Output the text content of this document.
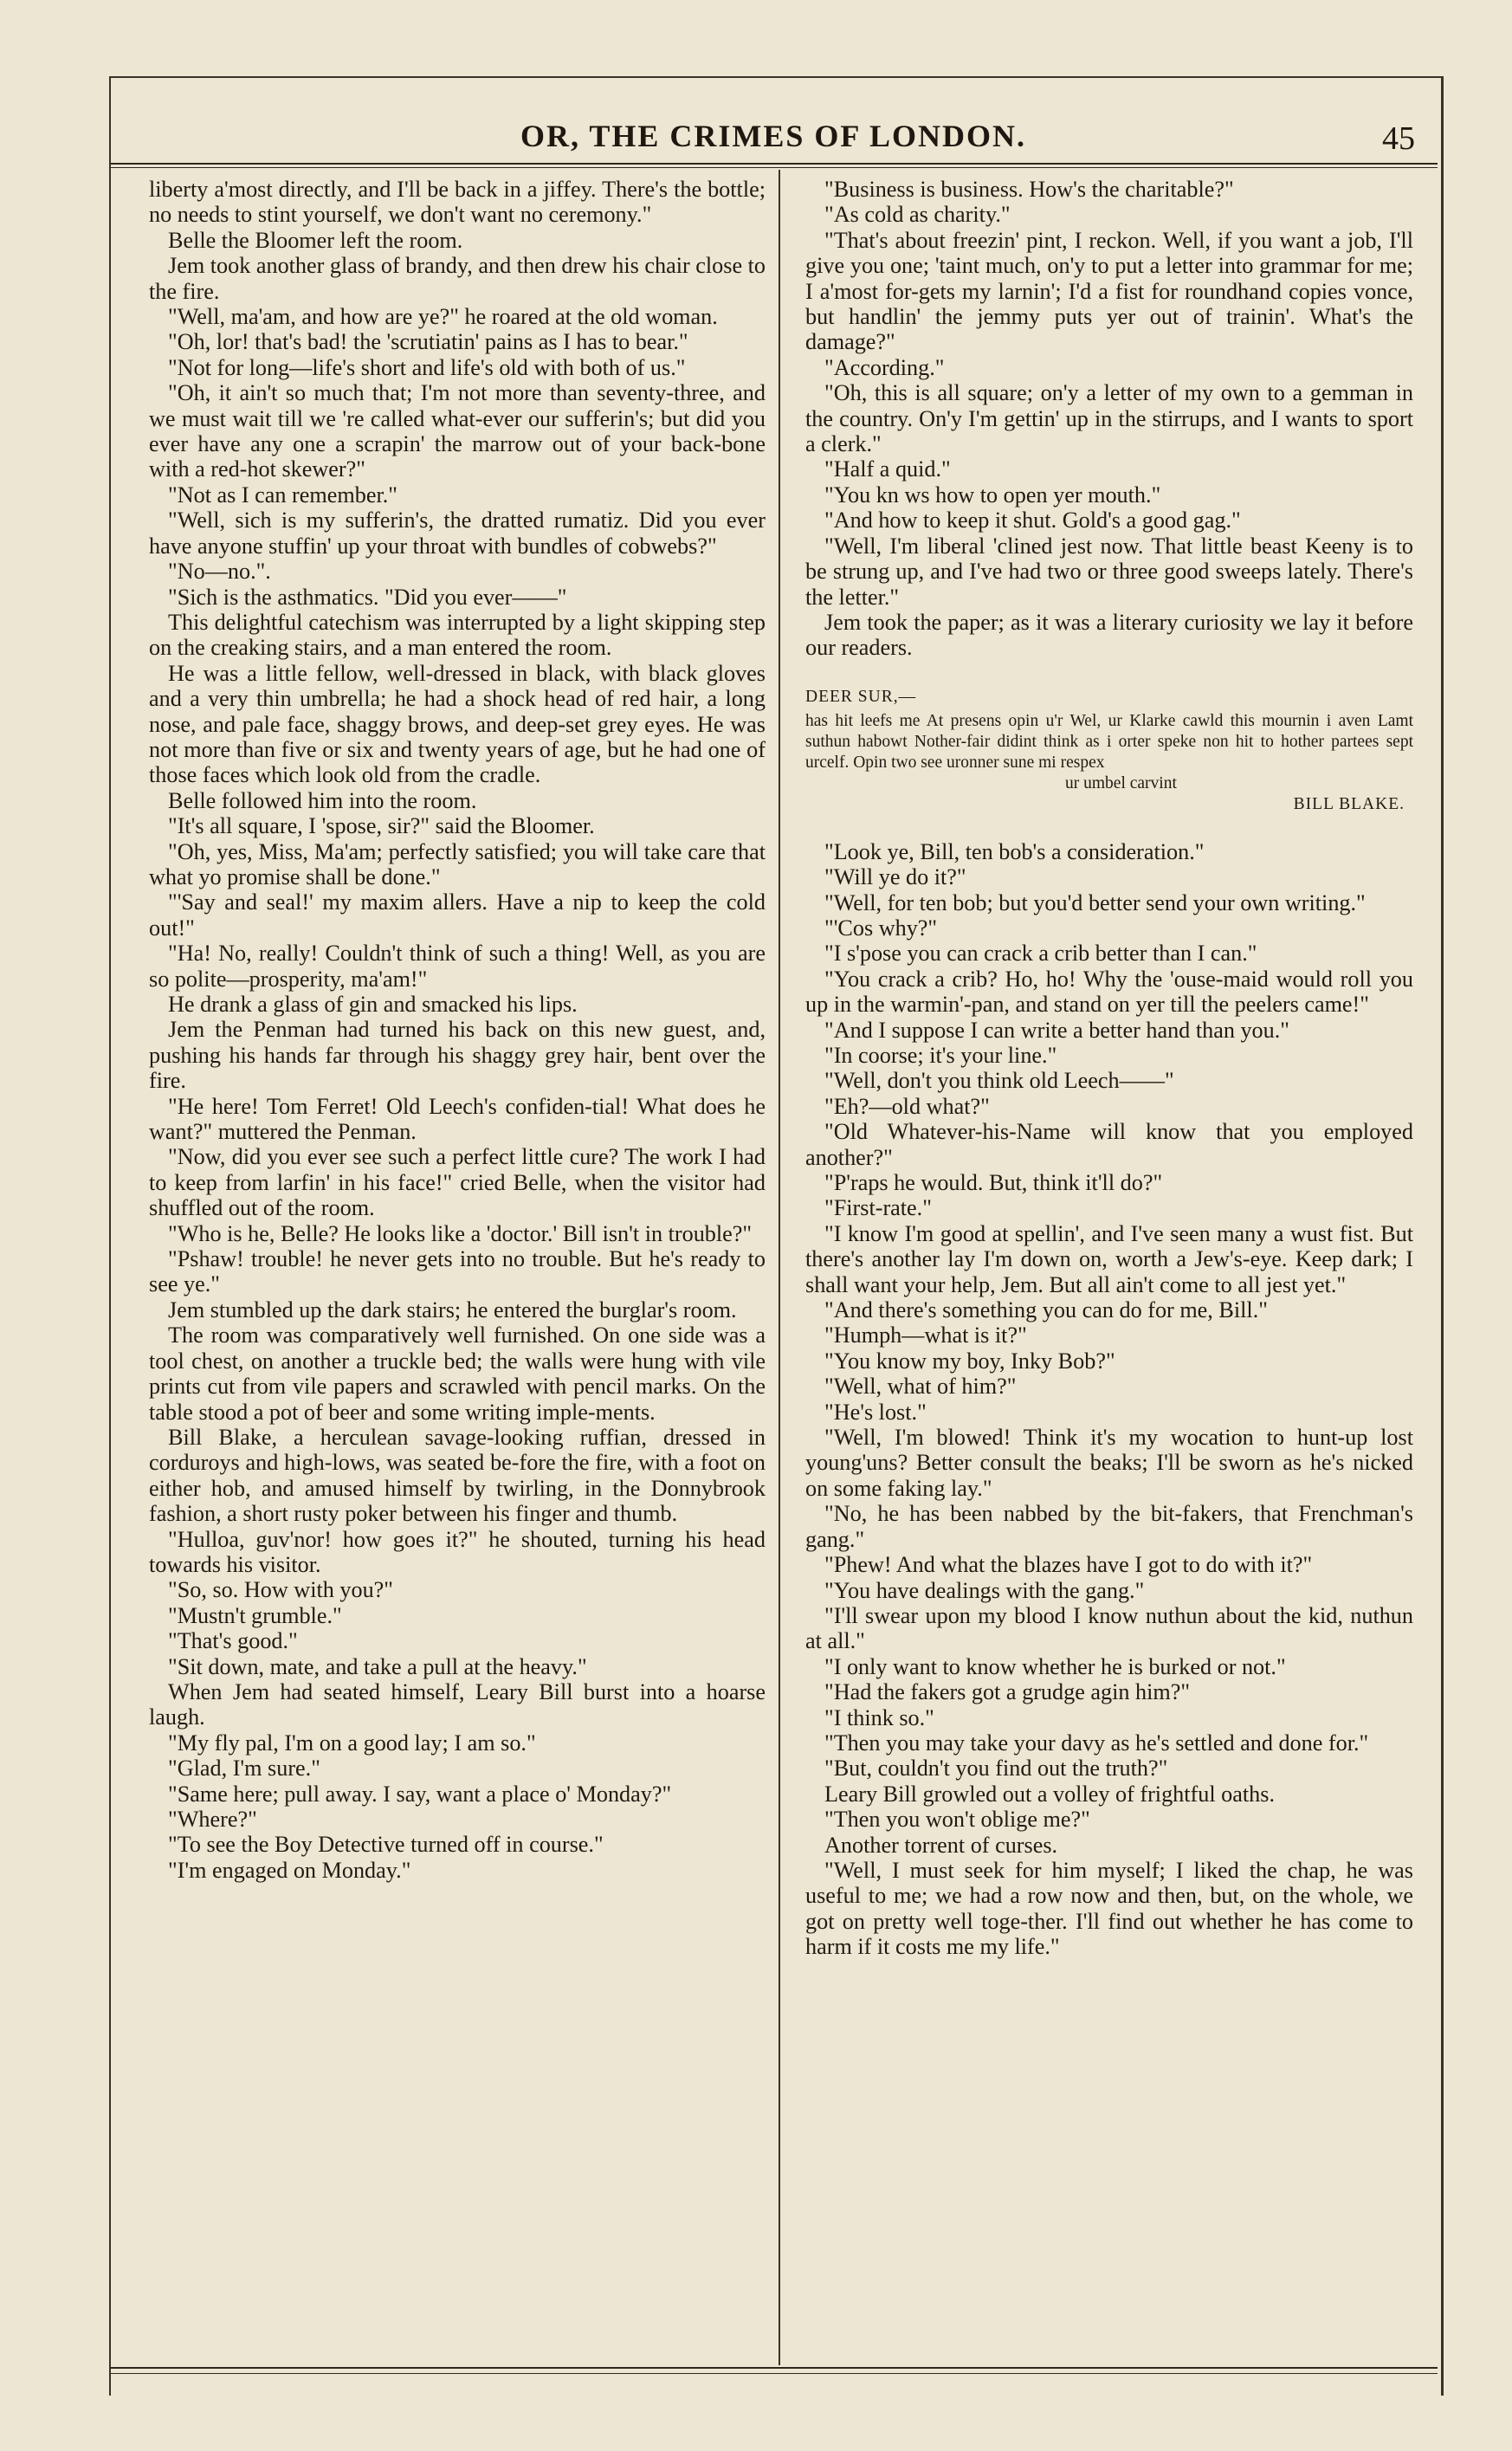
OR, THE CRIMES OF LONDON.	45

liberty a'most directly, and I'll be back in a jiffey. There's the bottle; no needs to stint yourself, we don't want no ceremony."

Belle the Bloomer left the room.

Jem took another glass of brandy, and then drew his chair close to the fire.

"Well, ma'am, and how are ye?" he roared at the old woman.

"Oh, lor! that's bad! the 'scrutiatin' pains as I has to bear."

"Not for long—life's short and life's old with both of us."

"Oh, it ain't so much that; I'm not more than seventy-three, and we must wait till we 're called what-ever our sufferin's; but did you ever have any one a scrapin' the marrow out of your back-bone with a red-hot skewer?"

"Not as I can remember."

"Well, sich is my sufferin's, the dratted rumatiz. Did you ever have anyone stuffin' up your throat with bundles of cobwebs?"

"No—no.".

"Sich is the asthmatics. "Did you ever——"

This delightful catechism was interrupted by a light skipping step on the creaking stairs, and a man entered the room.

He was a little fellow, well-dressed in black, with black gloves and a very thin umbrella; he had a shock head of red hair, a long nose, and pale face, shaggy brows, and deep-set grey eyes. He was not more than five or six and twenty years of age, but he had one of those faces which look old from the cradle.

Belle followed him into the room.

"It's all square, I 'spose, sir?" said the Bloomer.

"Oh, yes, Miss, Ma'am; perfectly satisfied; you will take care that what yo promise shall be done."

"'Say and seal!' my maxim allers. Have a nip to keep the cold out!"

"Ha! No, really! Couldn't think of such a thing! Well, as you are so polite—prosperity, ma'am!"

He drank a glass of gin and smacked his lips.

Jem the Penman had turned his back on this new guest, and, pushing his hands far through his shaggy grey hair, bent over the fire.

"He here! Tom Ferret! Old Leech's confiden-tial! What does he want?" muttered the Penman.

"Now, did you ever see such a perfect little cure? The work I had to keep from larfin' in his face!" cried Belle, when the visitor had shuffled out of the room.

"Who is he, Belle? He looks like a 'doctor.' Bill isn't in trouble?"

"Pshaw! trouble! he never gets into no trouble. But he's ready to see ye."

Jem stumbled up the dark stairs; he entered the burglar's room.

The room was comparatively well furnished. On one side was a tool chest, on another a truckle bed; the walls were hung with vile prints cut from vile papers and scrawled with pencil marks. On the table stood a pot of beer and some writing imple-ments.

Bill Blake, a herculean savage-looking ruffian, dressed in corduroys and high-lows, was seated be-fore the fire, with a foot on either hob, and amused himself by twirling, in the Donnybrook fashion, a short rusty poker between his finger and thumb.

"Hulloa, guv'nor! how goes it?" he shouted, turning his head towards his visitor.

"So, so. How with you?"

"Mustn't grumble."

"That's good."

"Sit down, mate, and take a pull at the heavy."

When Jem had seated himself, Leary Bill burst into a hoarse laugh.

"My fly pal, I'm on a good lay; I am so."

"Glad, I'm sure."

"Same here; pull away. I say, want a place o' Monday?"

"Where?"

"To see the Boy Detective turned off in course."

"I'm engaged on Monday."

"Business is business. How's the charitable?"

"As cold as charity."

"That's about freezin' pint, I reckon. Well, if you want a job, I'll give you one; 'taint much, on'y to put a letter into grammar for me; I a'most for-gets my larnin'; I'd a fist for roundhand copies vonce, but handlin' the jemmy puts yer out of trainin'. What's the damage?"

"According."

"Oh, this is all square; on'y a letter of my own to a gemman in the country. On'y I'm gettin' up in the stirrups, and I wants to sport a clerk."

"Half a quid."

"You kn ws how to open yer mouth."

"And how to keep it shut. Gold's a good gag."

"Well, I'm liberal 'clined jest now. That little beast Keeny is to be strung up, and I've had two or three good sweeps lately. There's the letter."

Jem took the paper; as it was a literary curiosity we lay it before our readers.

DEER SUR,—

has hit leefs me At presens opin u'r Wel, ur Klarke cawld this mournin i aven Lamt suthun habowt Nother-fair didint think as i orter speke non hit to hother partees sept urcelf. Opin two see uronner sune mi respex

ur umbel carvint

BILL BLAKE.

"Look ye, Bill, ten bob's a consideration."

"Will ye do it?"

"Well, for ten bob; but you'd better send your own writing."

"'Cos why?"

"I s'pose you can crack a crib better than I can."

"You crack a crib? Ho, ho! Why the 'ouse-maid would roll you up in the warmin'-pan, and stand on yer till the peelers came!"

"And I suppose I can write a better hand than you."

"In coorse; it's your line."

"Well, don't you think old Leech——"

"Eh?—old what?"

"Old Whatever-his-Name will know that you employed another?"

"P'raps he would. But, think it'll do?"

"First-rate."

"I know I'm good at spellin', and I've seen many a wust fist. But there's another lay I'm down on, worth a Jew's-eye. Keep dark; I shall want your help, Jem. But all ain't come to all jest yet."

"And there's something you can do for me, Bill."

"Humph—what is it?"

"You know my boy, Inky Bob?"

"Well, what of him?"

"He's lost."

"Well, I'm blowed! Think it's my wocation to hunt-up lost young'uns? Better consult the beaks; I'll be sworn as he's nicked on some faking lay."

"No, he has been nabbed by the bit-fakers, that Frenchman's gang."

"Phew! And what the blazes have I got to do with it?"

"You have dealings with the gang."

"I'll swear upon my blood I know nuthun about the kid, nuthun at all."

"I only want to know whether he is burked or not."

"Had the fakers got a grudge agin him?"

"I think so."

"Then you may take your davy as he's settled and done for."

"But, couldn't you find out the truth?"

Leary Bill growled out a volley of frightful oaths.

"Then you won't oblige me?"

Another torrent of curses.

"Well, I must seek for him myself; I liked the chap, he was useful to me; we had a row now and then, but, on the whole, we got on pretty well toge-ther. I'll find out whether he has come to harm if it costs me my life."
